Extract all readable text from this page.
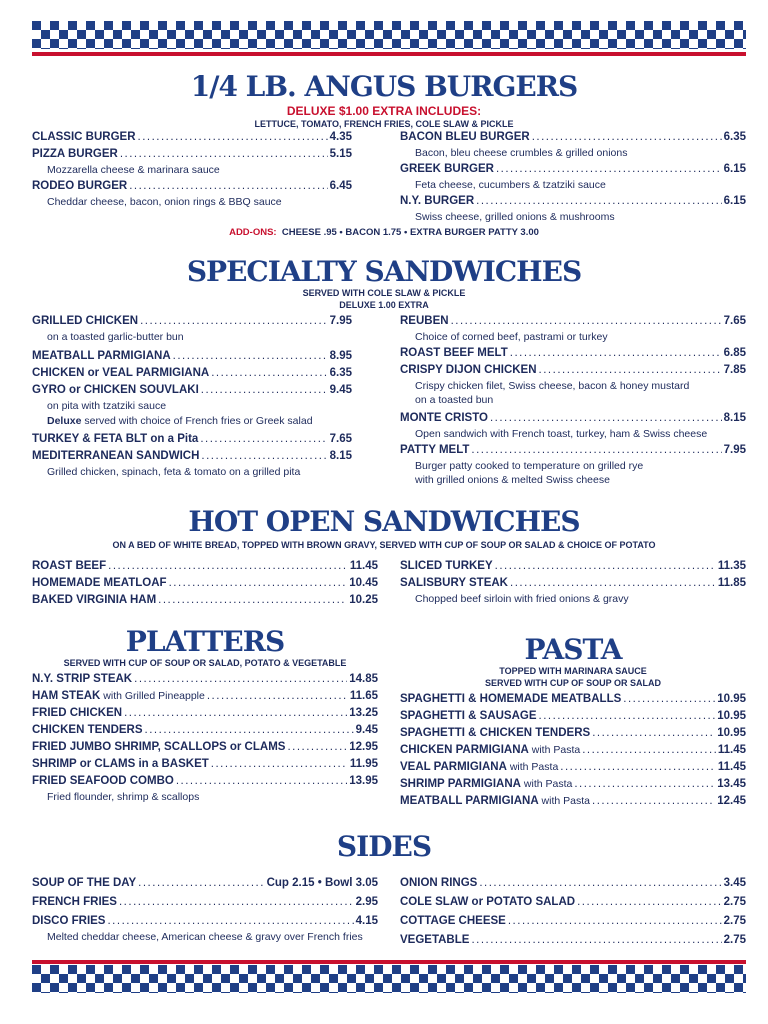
1/4 LB. ANGUS BURGERS

DELUXE $1.00 EXTRA INCLUDES:

LETTUCE, TOMATO, FRENCH FRIES, COLE SLAW & PICKLE

CLASSIC BURGER .....	4.35
PIZZA BURGER .....	5.15

Mozzarella cheese & marinara sauce

RODEO BURGER .....	6.45

Cheddar cheese, bacon, onion rings & BBQ sauce

BACON BLEU BURGER .....	6.35

Bacon, bleu cheese crumbles & grilled onions

GREEK BURGER .....	6.15

Feta cheese, cucumbers & tzatziki sauce

N.Y. BURGER .....	6.15

Swiss cheese, grilled onions & mushrooms

ADD-ONS: CHEESE .95 • BACON 1.75 • EXTRA BURGER PATTY 3.00

SPECIALTY SANDWICHES

SERVED WITH COLE SLAW & PICKLE

DELUXE 1.00 EXTRA

GRILLED CHICKEN .....	7.95

on a toasted garlic-butter bun

MEATBALL PARMIGIANA .....	8.95
CHICKEN or VEAL PARMIGIANA .....	6.35
GYRO or CHICKEN SOUVLAKI .....	9.45

on pita with tzatziki sauce

Deluxe served with choice of French fries or Greek salad

TURKEY & FETA BLT on a Pita .....	7.65
MEDITERRANEAN SANDWICH .....	8.15

Grilled chicken, spinach, feta & tomato on a grilled pita

REUBEN .....	7.65

Choice of corned beef, pastrami or turkey

ROAST BEEF MELT .....	6.85
CRISPY DIJON CHICKEN .....	7.85

Crispy chicken filet, Swiss cheese, bacon & honey mustard

on a toasted bun

MONTE CRISTO .....	8.15

Open sandwich with French toast, turkey, ham & Swiss cheese

PATTY MELT .....	7.95

Burger patty cooked to temperature on grilled rye

with grilled onions & melted Swiss cheese

HOT OPEN SANDWICHES

ON A BED OF WHITE BREAD, TOPPED WITH BROWN GRAVY, SERVED WITH CUP OF SOUP OR SALAD & CHOICE OF POTATO

ROAST BEEF .....	11.45
HOMEMADE MEATLOAF .....	10.45
BAKED VIRGINIA HAM .....	10.25
SLICED TURKEY .....	11.35
SALISBURY STEAK .....	11.85

Chopped beef sirloin with fried onions & gravy

PLATTERS

SERVED WITH CUP OF SOUP OR SALAD, POTATO & VEGETABLE

N.Y. STRIP STEAK .....	14.85
HAM STEAK with Grilled Pineapple .....	11.65
FRIED CHICKEN .....	13.25
CHICKEN TENDERS .....	9.45
FRIED JUMBO SHRIMP, SCALLOPS or CLAMS .....	12.95
SHRIMP or CLAMS in a BASKET .....	11.95
FRIED SEAFOOD COMBO .....	13.95

Fried flounder, shrimp & scallops

PASTA

TOPPED WITH MARINARA SAUCE

SERVED WITH CUP OF SOUP OR SALAD

SPAGHETTI & HOMEMADE MEATBALLS .....	10.95
SPAGHETTI & SAUSAGE .....	10.95
SPAGHETTI & CHICKEN TENDERS .....	10.95
CHICKEN PARMIGIANA with Pasta .....	11.45
VEAL PARMIGIANA with Pasta .....	11.45
SHRIMP PARMIGIANA with Pasta .....	13.45
MEATBALL PARMIGIANA with Pasta .....	12.45
SIDES
SOUP OF THE DAY .....	Cup 2.15 • Bowl 3.05
FRENCH FRIES .....	2.95
DISCO FRIES .....	4.15

Melted cheddar cheese, American cheese & gravy over French fries

ONION RINGS .....	3.45
COLE SLAW or POTATO SALAD .....	2.75
COTTAGE CHEESE .....	2.75
VEGETABLE .....	2.75
